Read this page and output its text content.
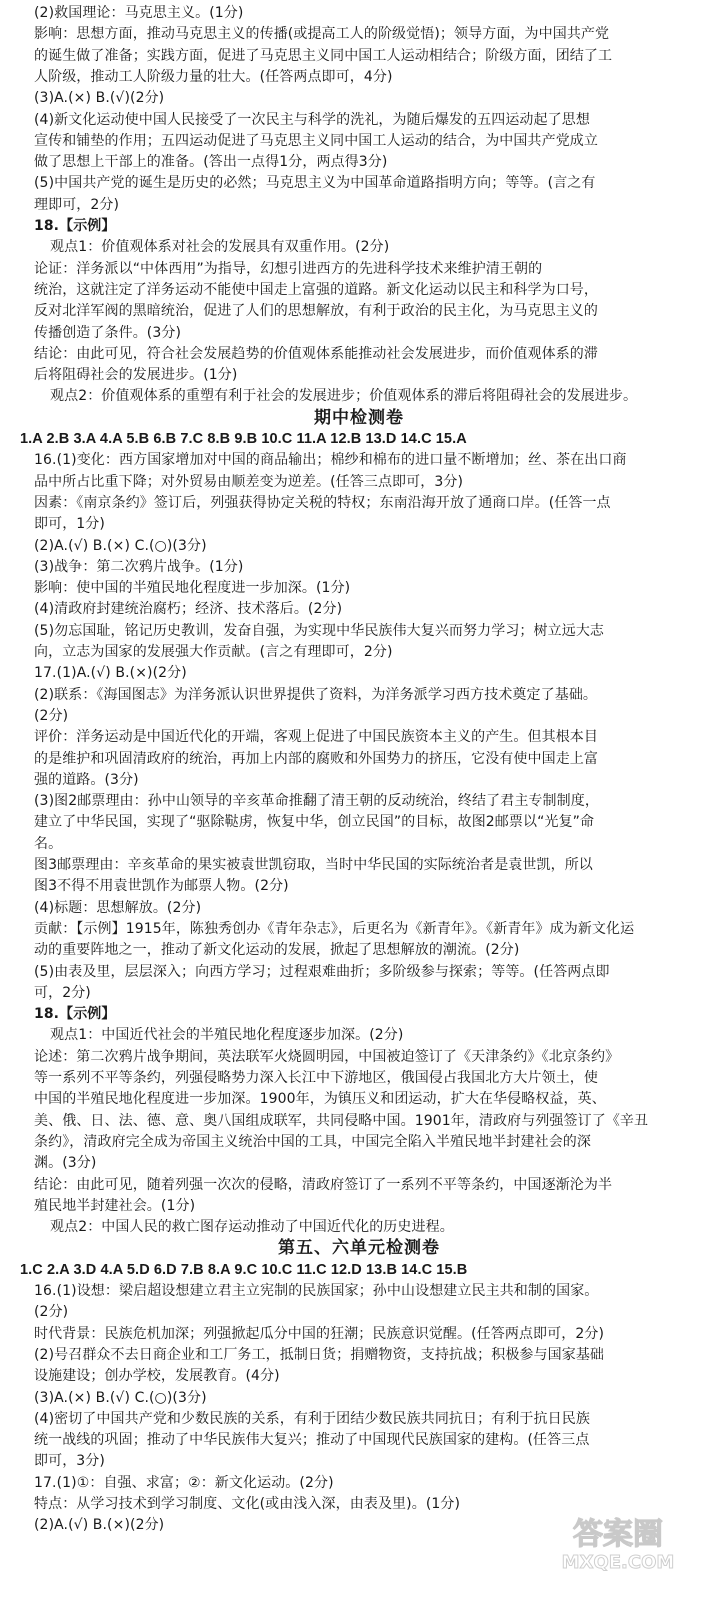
(2)救国理论：马克思主义。(1分)
影响：思想方面，推动马克思主义的传播(或提高工人的阶级觉悟)；领导方面，为中国共产党
的诞生做了准备；实践方面，促进了马克思主义同中国工人运动相结合；阶级方面，团结了工
人阶级，推动工人阶级力量的壮大。(任答两点即可，4分)
(3)A.(×) B.(√)(2分)
(4)新文化运动使中国人民接受了一次民主与科学的洗礼，为随后爆发的五四运动起了思想
宣传和铺垫的作用；五四运动促进了马克思主义同中国工人运动的结合，为中国共产党成立
做了思想上干部上的准备。(答出一点得1分，两点得3分)
(5)中国共产党的诞生是历史的必然；马克思主义为中国革命道路指明方向；等等。(言之有
理即可，2分)
18.【示例】
观点1：价值观体系对社会的发展具有双重作用。(2分)
论证：洋务派以“中体西用”为指导，幻想引进西方的先进科学技术来维护清王朝的
统治，这就注定了洋务运动不能使中国走上富强的道路。新文化运动以民主和科学为口号，
反对北洋军阀的黑暗统治，促进了人们的思想解放，有利于政治的民主化，为马克思主义的
传播创造了条件。(3分)
结论：由此可见，符合社会发展趋势的价值观体系能推动社会发展进步，而价值观体系的滞
后将阻碍社会的发展进步。(1分)
观点2：价值观体系的重塑有利于社会的发展进步；价值观体系的滞后将阻碍社会的发展进步。
期中检测卷
1.A 2.B 3.A 4.A 5.B 6.B 7.C 8.B 9.B 10.C 11.A 12.B 13.D 14.C 15.A
16.(1)变化：西方国家增加对中国的商品输出；棉纱和棉布的进口量不断增加；丝、茶在出口商
品中所占比重下降；对外贸易由顺差变为逆差。(任答三点即可，3分)
因素：《南京条约》签订后，列强获得协定关税的特权；东南沿海开放了通商口岸。(任答一点
即可，1分)
(2)A.(√) B.(×) C.(○)(3分)
(3)战争：第二次鸦片战争。(1分)
影响：使中国的半殖民地化程度进一步加深。(1分)
(4)清政府封建统治腐朽；经济、技术落后。(2分)
(5)勿忘国耻，铭记历史教训，发奋自强，为实现中华民族伟大复兴而努力学习；树立远大志
向，立志为国家的发展强大作贡献。(言之有理即可，2分)
17.(1)A.(√) B.(×)(2分)
(2)联系：《海国图志》为洋务派认识世界提供了资料，为洋务派学习西方技术奠定了基础。
(2分)
评价：洋务运动是中国近代化的开端，客观上促进了中国民族资本主义的产生。但其根本目
的是维护和巩固清政府的统治，再加上内部的腐败和外国势力的挤压，它没有使中国走上富
强的道路。(3分)
(3)图2邮票理由：孙中山领导的辛亥革命推翻了清王朝的反动统治，终结了君主专制制度，
建立了中华民国，实现了“驱除鞑虏，恢复中华，创立民国”的目标，故图2邮票以“光复”命
名。
图3邮票理由：辛亥革命的果实被袁世凯窃取，当时中华民国的实际统治者是袁世凯，所以
图3不得不用袁世凯作为邮票人物。(2分)
(4)标题：思想解放。(2分)
贡献：【示例】1915年，陈独秀创办《青年杂志》，后更名为《新青年》。《新青年》成为新文化运
动的重要阵地之一，推动了新文化运动的发展，掀起了思想解放的潮流。(2分)
(5)由表及里，层层深入；向西方学习；过程艰难曲折；多阶级参与探索；等等。(任答两点即
可，2分)
18.【示例】
观点1：中国近代社会的半殖民地化程度逐步加深。(2分)
论述：第二次鸦片战争期间，英法联军火烧圆明园，中国被迫签订了《天津条约》《北京条约》
等一系列不平等条约，列强侵略势力深入长江中下游地区，俄国侵占我国北方大片领土，使
中国的半殖民地化程度进一步加深。1900年，为镇压义和团运动，扩大在华侵略权益，英、
美、俄、日、法、德、意、奥八国组成联军，共同侵略中国。1901年，清政府与列强签订了《辛丑
条约》，清政府完全成为帝国主义统治中国的工具，中国完全陷入半殖民地半封建社会的深
渊。(3分)
结论：由此可见，随着列强一次次的侵略，清政府签订了一系列不平等条约，中国逐渐沦为半
殖民地半封建社会。(1分)
观点2：中国人民的救亡图存运动推动了中国近代化的历史进程。
第五、六单元检测卷
1.C 2.A 3.D 4.A 5.D 6.D 7.B 8.A 9.C 10.C 11.C 12.D 13.B 14.C 15.B
16.(1)设想：梁启超设想建立君主立宪制的民族国家；孙中山设想建立民主共和制的国家。
(2分)
时代背景：民族危机加深；列强掀起瓜分中国的狂潮；民族意识觉醒。(任答两点即可，2分)
(2)号召群众不去日商企业和工厂务工，抵制日货；捐赠物资，支持抗战；积极参与国家基础
设施建设；创办学校，发展教育。(4分)
(3)A.(×) B.(√) C.(○)(3分)
(4)密切了中国共产党和少数民族的关系，有利于团结少数民族共同抗日；有利于抗日民族
统一战线的巩固；推动了中华民族伟大复兴；推动了中国现代民族国家的建构。(任答三点
即可，3分)
17.(1)①：自强、求富；②：新文化运动。(2分)
特点：从学习技术到学习制度、文化(或由浅入深，由表及里)。(1分)
(2)A.(√) B.(×)(2分)	答案圈
MXQE.COM
